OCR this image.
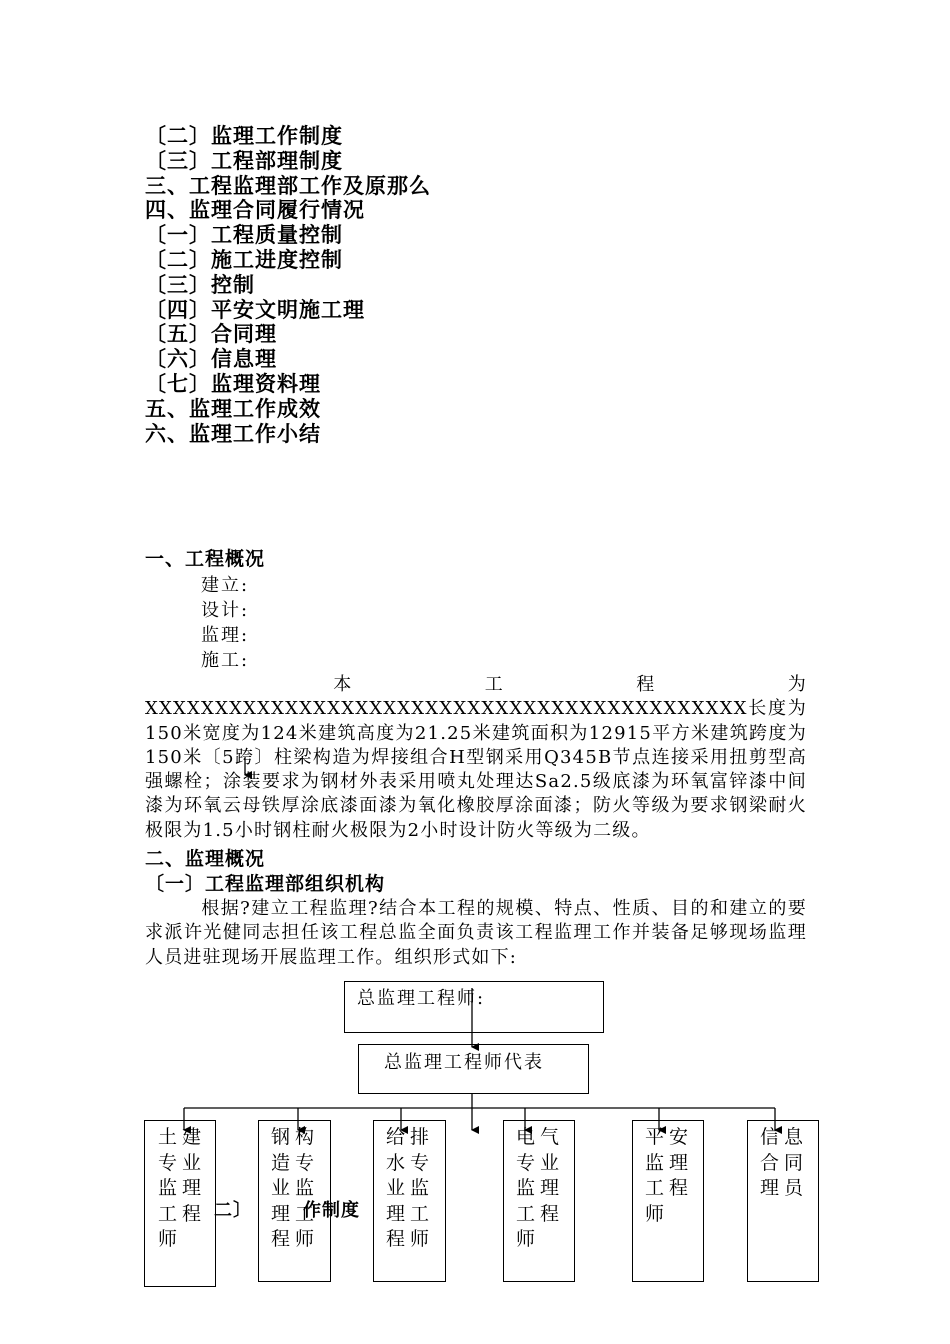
〔二〕监理工作制度
〔三〕工程部理制度
三、工程监理部工作及原那么
四、监理合同履行情况
〔一〕工程质量控制
〔二〕施工进度控制
〔三〕控制
〔四〕平安文明施工理
〔五〕合同理
〔六〕信息理
〔七〕监理资料理
五、监理工作成效
六、监理工作小结
一、工程概况
建立:
设计:
监理:
施工:
本工程为XXXXXXXXXXXXXXXXXXXXXXXXXXXXXXXXXXXXXXXXXXX长度为150米宽度为124米建筑高度为21.25米建筑面积为12915平方米建筑跨度为150米〔5跨〕柱梁构造为焊接组合H型钢采用Q345B节点连接采用扭剪型高强螺栓；涂装要求为钢材外表采用喷丸处理达Sa2.5级底漆为环氧富锌漆中间漆为环氧云母铁厚涂底漆面漆为氧化橡胶厚涂面漆；防火等级为要求钢梁耐火极限为1.5小时钢柱耐火极限为2小时设计防火等级为二级。
二、监理概况
〔一〕工程监理部组织机构
根据?建立工程监理?结合本工程的规模、特点、性质、目的和建立的要求派许光健同志担任该工程总监全面负责该工程监理工作并装备足够现场监理人员进驻现场开展监理工作。组织形式如下:
总监理工程师:
总监理工程师代表
土建专业监理工程师
钢构造专业监理工程师
给排水专业监理工程师
电气专业监理工程师
平安监理工程师
信息合同理员
二〕	作制度
